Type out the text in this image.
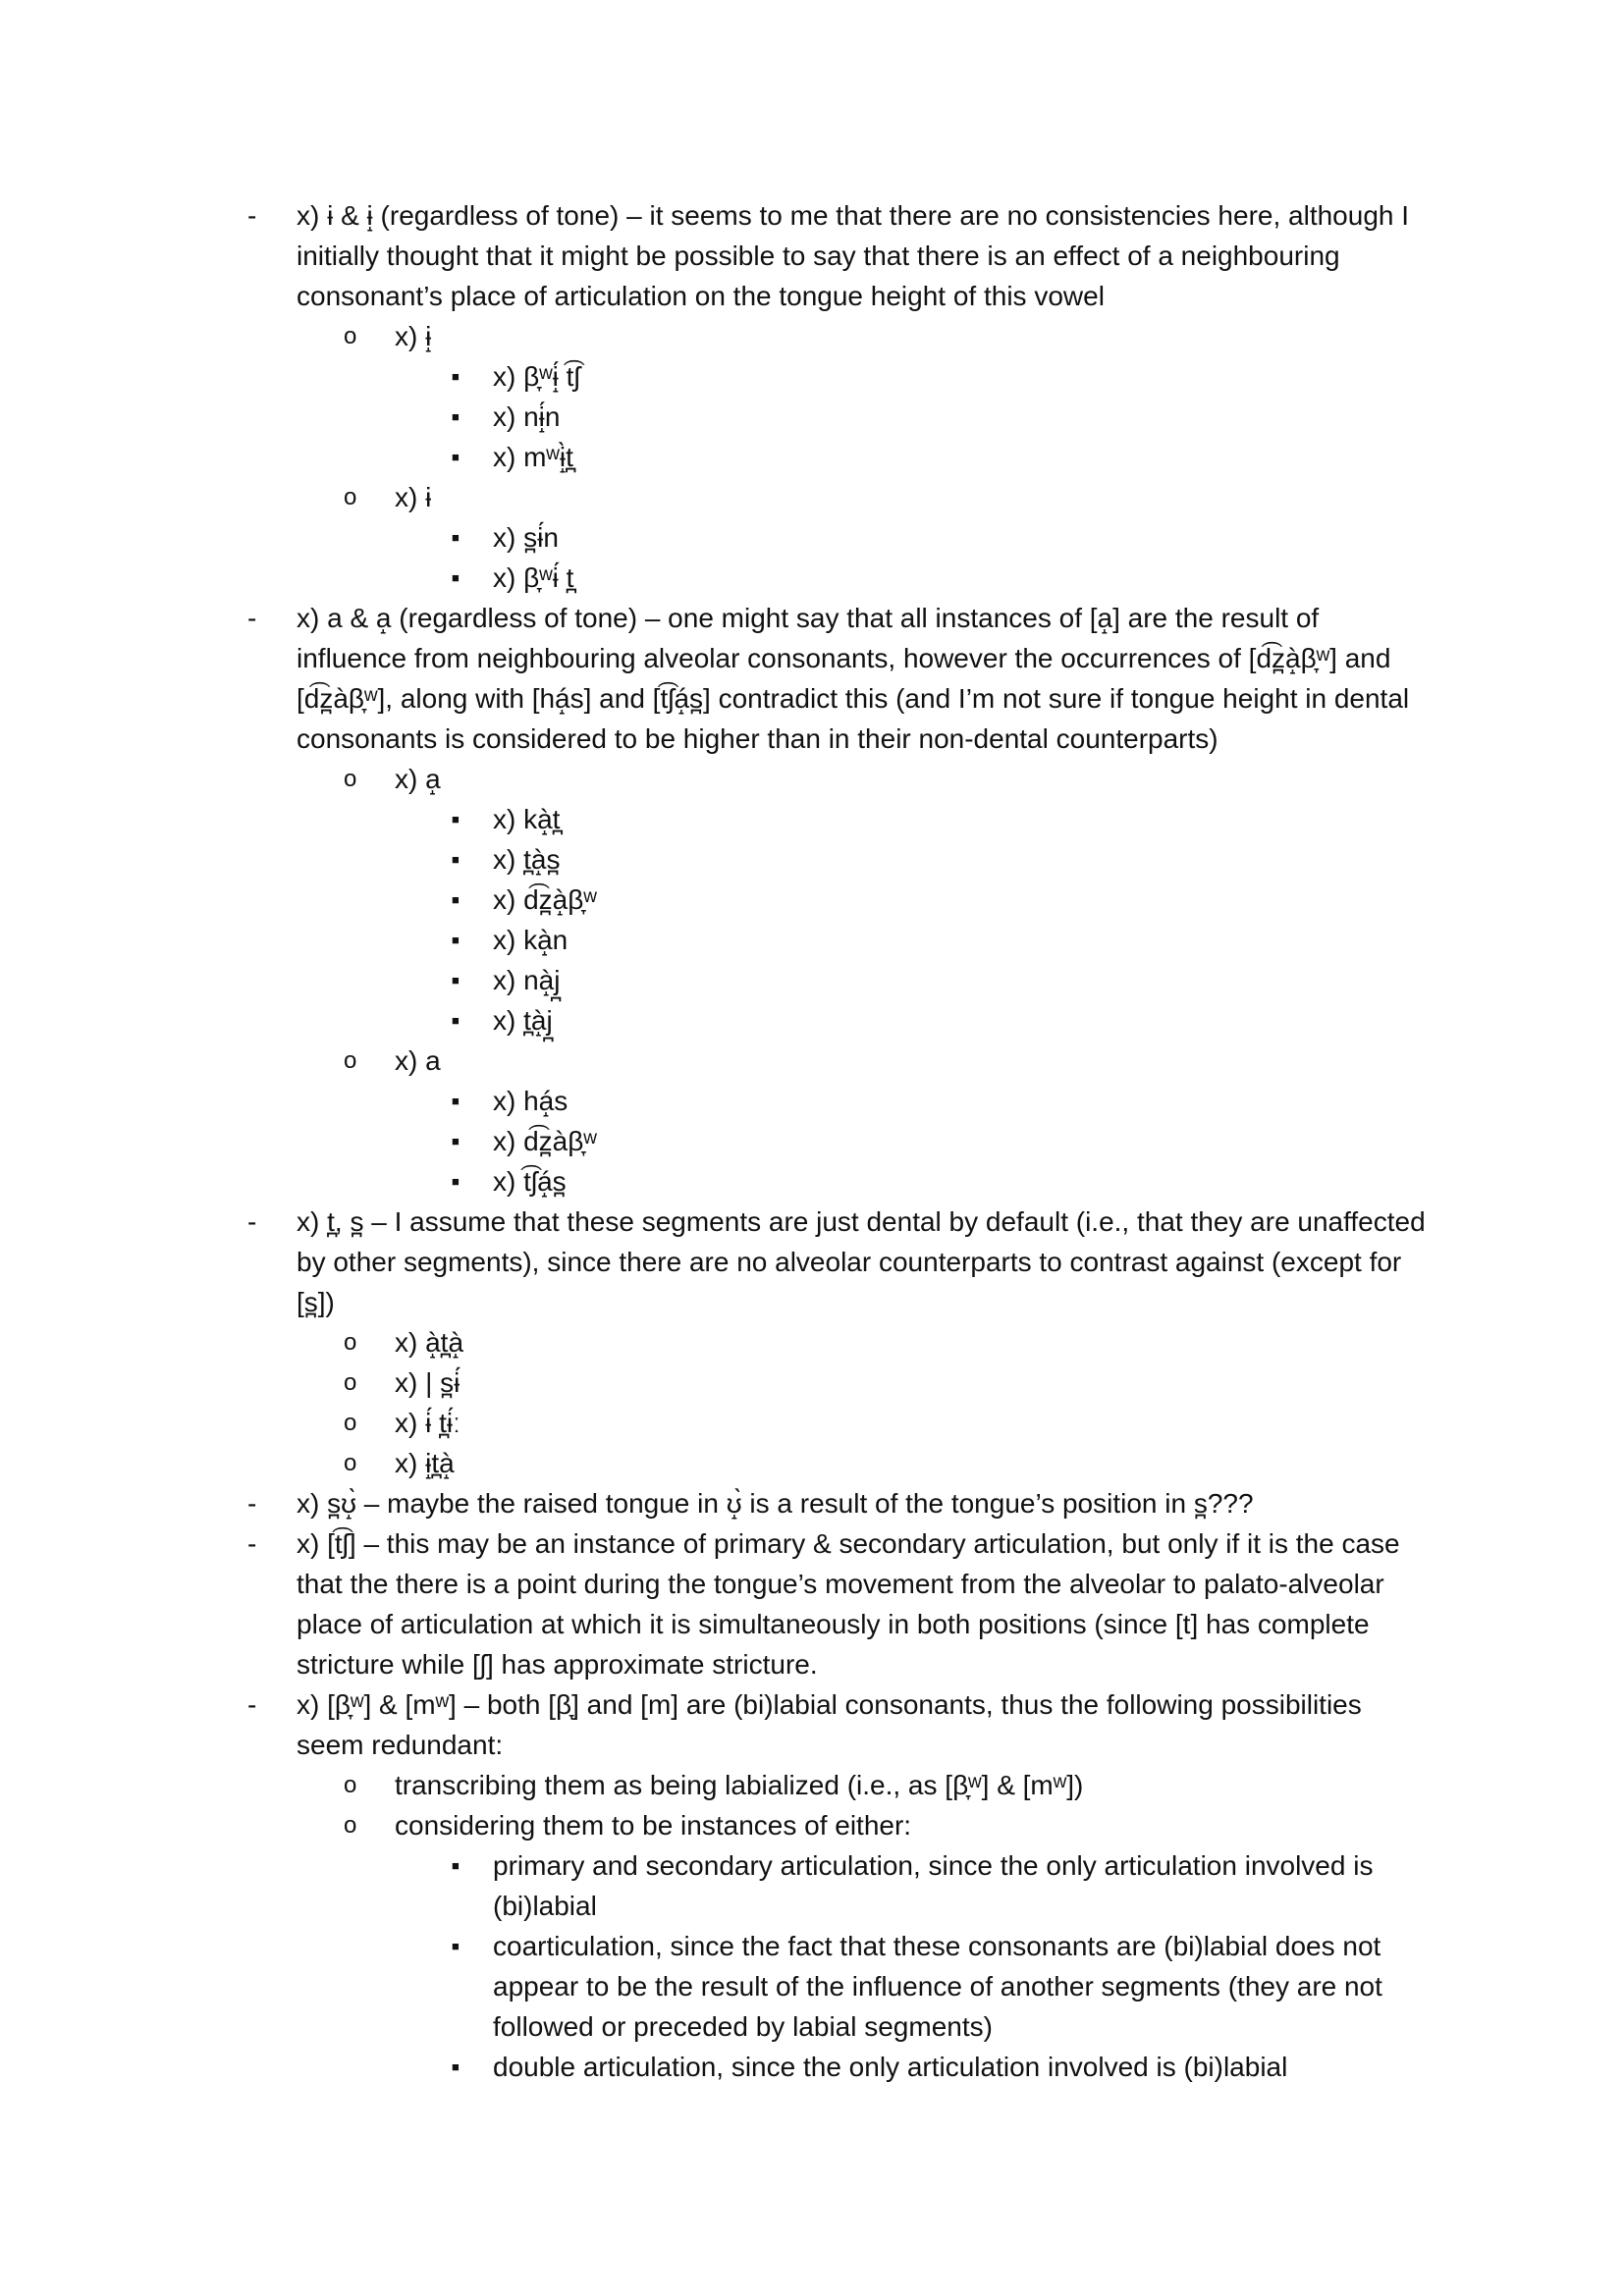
- x) ɨ & ɨ̝ (regardless of tone) – it seems to me that there are no consistencies here, although I
initially thought that it might be possible to say that there is an effect of a neighbouring
consonant’s place of articulation on the tongue height of this vowel
o x) ɨ̝
■ x) β̞ʷɨ̝́ t͡ʃ
■ x) nɨ̝́n
■ x) mʷɨ̝̀t̪
o x) ɨ
■ x) s̪ɨ́n
■ x) β̞ʷɨ́ t̪
- x) a & a̝ (regardless of tone) – one might say that all instances of [a̝] are the result of
influence from neighbouring alveolar consonants, however the occurrences of [d͡z̪à̝β̞ʷ] and
[d͡z̪àβ̞ʷ], along with [há̝s] and [t͡ʃá̝s̪] contradict this (and I’m not sure if tongue height in dental
consonants is considered to be higher than in their non-dental counterparts)
o x) a̝
■ x) kà̝t̪
■ x) t̪à̝s̪
■ x) d͡z̪à̝β̞ʷ
■ x) kà̝n
■ x) nà̝j̪
■ x) t̪à̝j̪
o x) a
■ x) há̝s
■ x) d͡z̪àβ̞ʷ
■ x) t͡ʃá̝s̪
- x) t̪, s̪ – I assume that these segments are just dental by default (i.e., that they are unaffected
by other segments), since there are no alveolar counterparts to contrast against (except for
[s̪])
o x) à̝t̪à̝
o x) | s̪ɨ́
o x) ɨ́ t̪ɨ́ː
o x) ɨ̝t̪à̝
- x) s̪ʊ̝̀ – maybe the raised tongue in ʊ̝̀ is a result of the tongue’s position in s̪???
- x) [t͡ʃ] – this may be an instance of primary & secondary articulation, but only if it is the case
that the there is a point during the tongue’s movement from the alveolar to palato-alveolar
place of articulation at which it is simultaneously in both positions (since [t] has complete
stricture while [ʃ] has approximate stricture.
- x) [β̞ʷ] & [mʷ] – both [β̞] and [m] are (bi)labial consonants, thus the following possibilities
seem redundant:
o transcribing them as being labialized (i.e., as [β̞ʷ] & [mʷ])
o considering them to be instances of either:
■ primary and secondary articulation, since the only articulation involved is
(bi)labial
■ coarticulation, since the fact that these consonants are (bi)labial does not
appear to be the result of the influence of another segments (they are not
followed or preceded by labial segments)
■ double articulation, since the only articulation involved is (bi)labial
